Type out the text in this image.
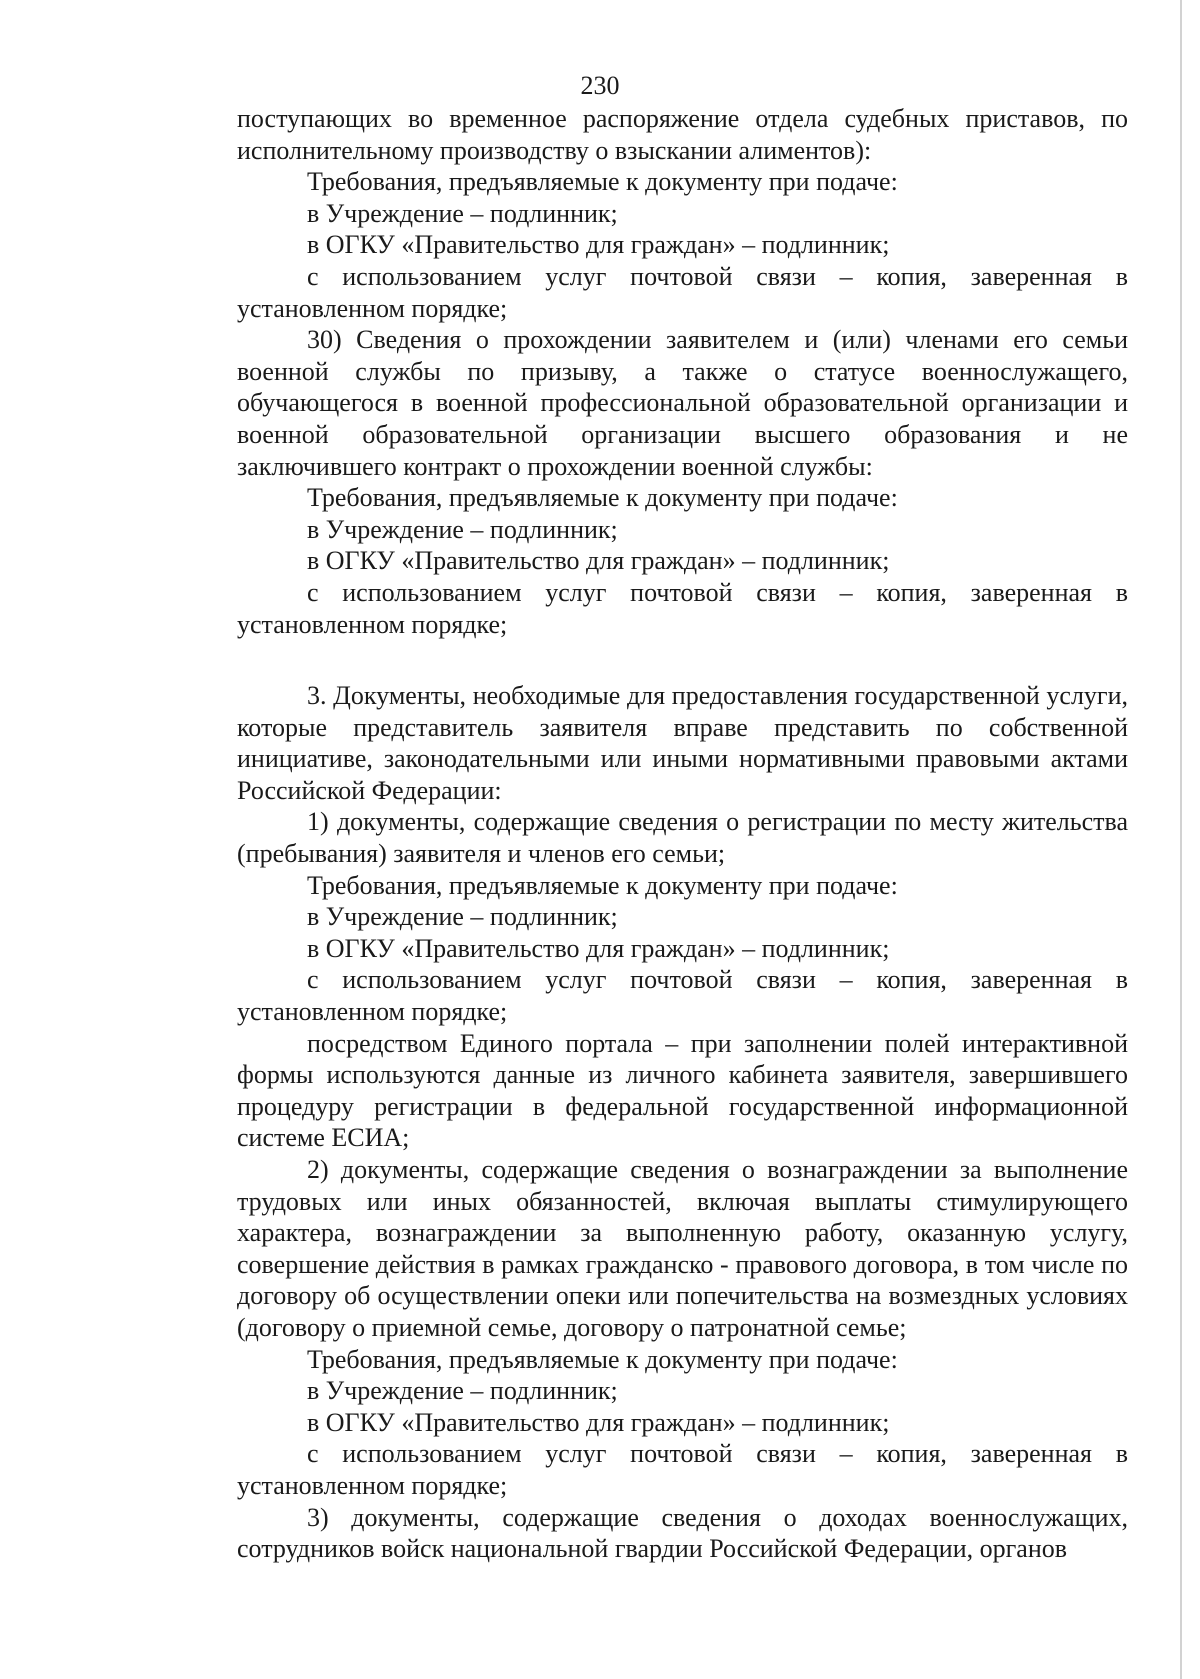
230

поступающих во временное распоряжение отдела судебных приставов, по исполнительному производству о взыскании алиментов):

Требования, предъявляемые к документу при подаче:

в Учреждение – подлинник;

в ОГКУ «Правительство для граждан» – подлинник;

с использованием услуг почтовой связи – копия, заверенная в установленном порядке;

30) Сведения о прохождении заявителем и (или) членами его семьи военной службы по призыву, а также о статусе военнослужащего, обучающегося в военной профессиональной образовательной организации и военной образовательной организации высшего образования и не заключившего контракт о прохождении военной службы:

Требования, предъявляемые к документу при подаче:

в Учреждение – подлинник;

в ОГКУ «Правительство для граждан» – подлинник;

с использованием услуг почтовой связи – копия, заверенная в установленном порядке;

3. Документы, необходимые для предоставления государственной услуги, которые представитель заявителя вправе представить по собственной инициативе, законодательными или иными нормативными правовыми актами Российской Федерации:

1) документы, содержащие сведения о регистрации по месту жительства (пребывания) заявителя и членов его семьи;

Требования, предъявляемые к документу при подаче:

в Учреждение – подлинник;

в ОГКУ «Правительство для граждан» – подлинник;

с использованием услуг почтовой связи – копия, заверенная в установленном порядке;

посредством Единого портала – при заполнении полей интерактивной формы используются данные из личного кабинета заявителя, завершившего процедуру регистрации в федеральной государственной информационной системе ЕСИА;

2) документы, содержащие сведения о вознаграждении за выполнение трудовых или иных обязанностей, включая выплаты стимулирующего характера, вознаграждении за выполненную работу, оказанную услугу, совершение действия в рамках гражданско - правового договора, в том числе по договору об осуществлении опеки или попечительства на возмездных условиях (договору о приемной семье, договору о патронатной семье;

Требования, предъявляемые к документу при подаче:

в Учреждение – подлинник;

в ОГКУ «Правительство для граждан» – подлинник;

с использованием услуг почтовой связи – копия, заверенная в установленном порядке;

3) документы, содержащие сведения о доходах военнослужащих, сотрудников войск национальной гвардии Российской Федерации, органов
